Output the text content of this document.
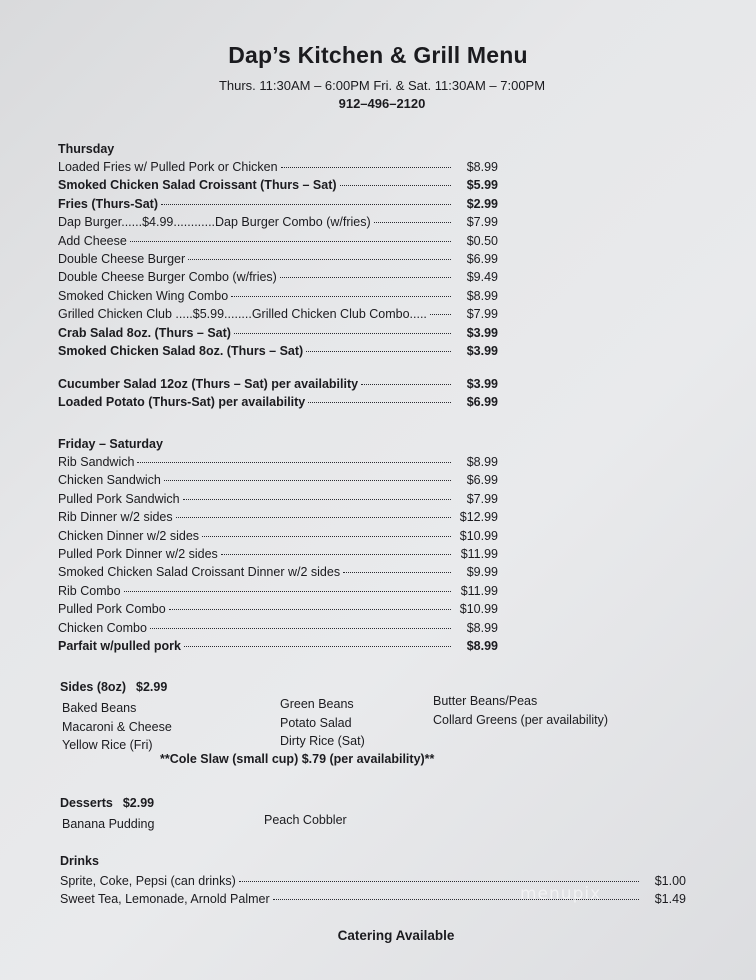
Dap’s Kitchen & Grill Menu
Thurs. 11:30AM – 6:00PM Fri. & Sat. 11:30AM – 7:00PM
912–496–2120
Thursday
Loaded Fries w/ Pulled Pork or Chicken	$8.99
Smoked Chicken Salad Croissant (Thurs – Sat)	$5.99
Fries (Thurs-Sat)	$2.99
Dap Burger......$4.99............Dap Burger Combo (w/fries)	$7.99
Add Cheese	$0.50
Double Cheese Burger	$6.99
Double Cheese Burger Combo (w/fries)	$9.49
Smoked Chicken Wing Combo	$8.99
Grilled Chicken Club .....$5.99........Grilled Chicken Club Combo.....	$7.99
Crab Salad 8oz. (Thurs – Sat)	$3.99
Smoked Chicken Salad 8oz. (Thurs – Sat)	$3.99
Cucumber Salad 12oz (Thurs – Sat) per availability	$3.99
Loaded Potato (Thurs-Sat) per availability	$6.99
Friday – Saturday
Rib Sandwich	$8.99
Chicken Sandwich	$6.99
Pulled Pork Sandwich	$7.99
Rib Dinner w/2 sides	$12.99
Chicken Dinner w/2 sides	$10.99
Pulled Pork Dinner w/2 sides	$11.99
Smoked Chicken Salad Croissant Dinner w/2 sides	$9.99
Rib Combo	$11.99
Pulled Pork Combo	$10.99
Chicken Combo	$8.99
Parfait w/pulled pork	$8.99
Sides (8oz) $2.99
Baked Beans
Macaroni & Cheese
Yellow Rice (Fri)
Green Beans
Potato Salad
Dirty Rice (Sat)
Butter Beans/Peas
Collard Greens (per availability)
**Cole Slaw (small cup) $.79 (per availability)**
Desserts $2.99
Banana Pudding	Peach Cobbler
Drinks
Sprite, Coke, Pepsi (can drinks)	$1.00
Sweet Tea, Lemonade, Arnold Palmer	$1.49
menupix
Catering Available
